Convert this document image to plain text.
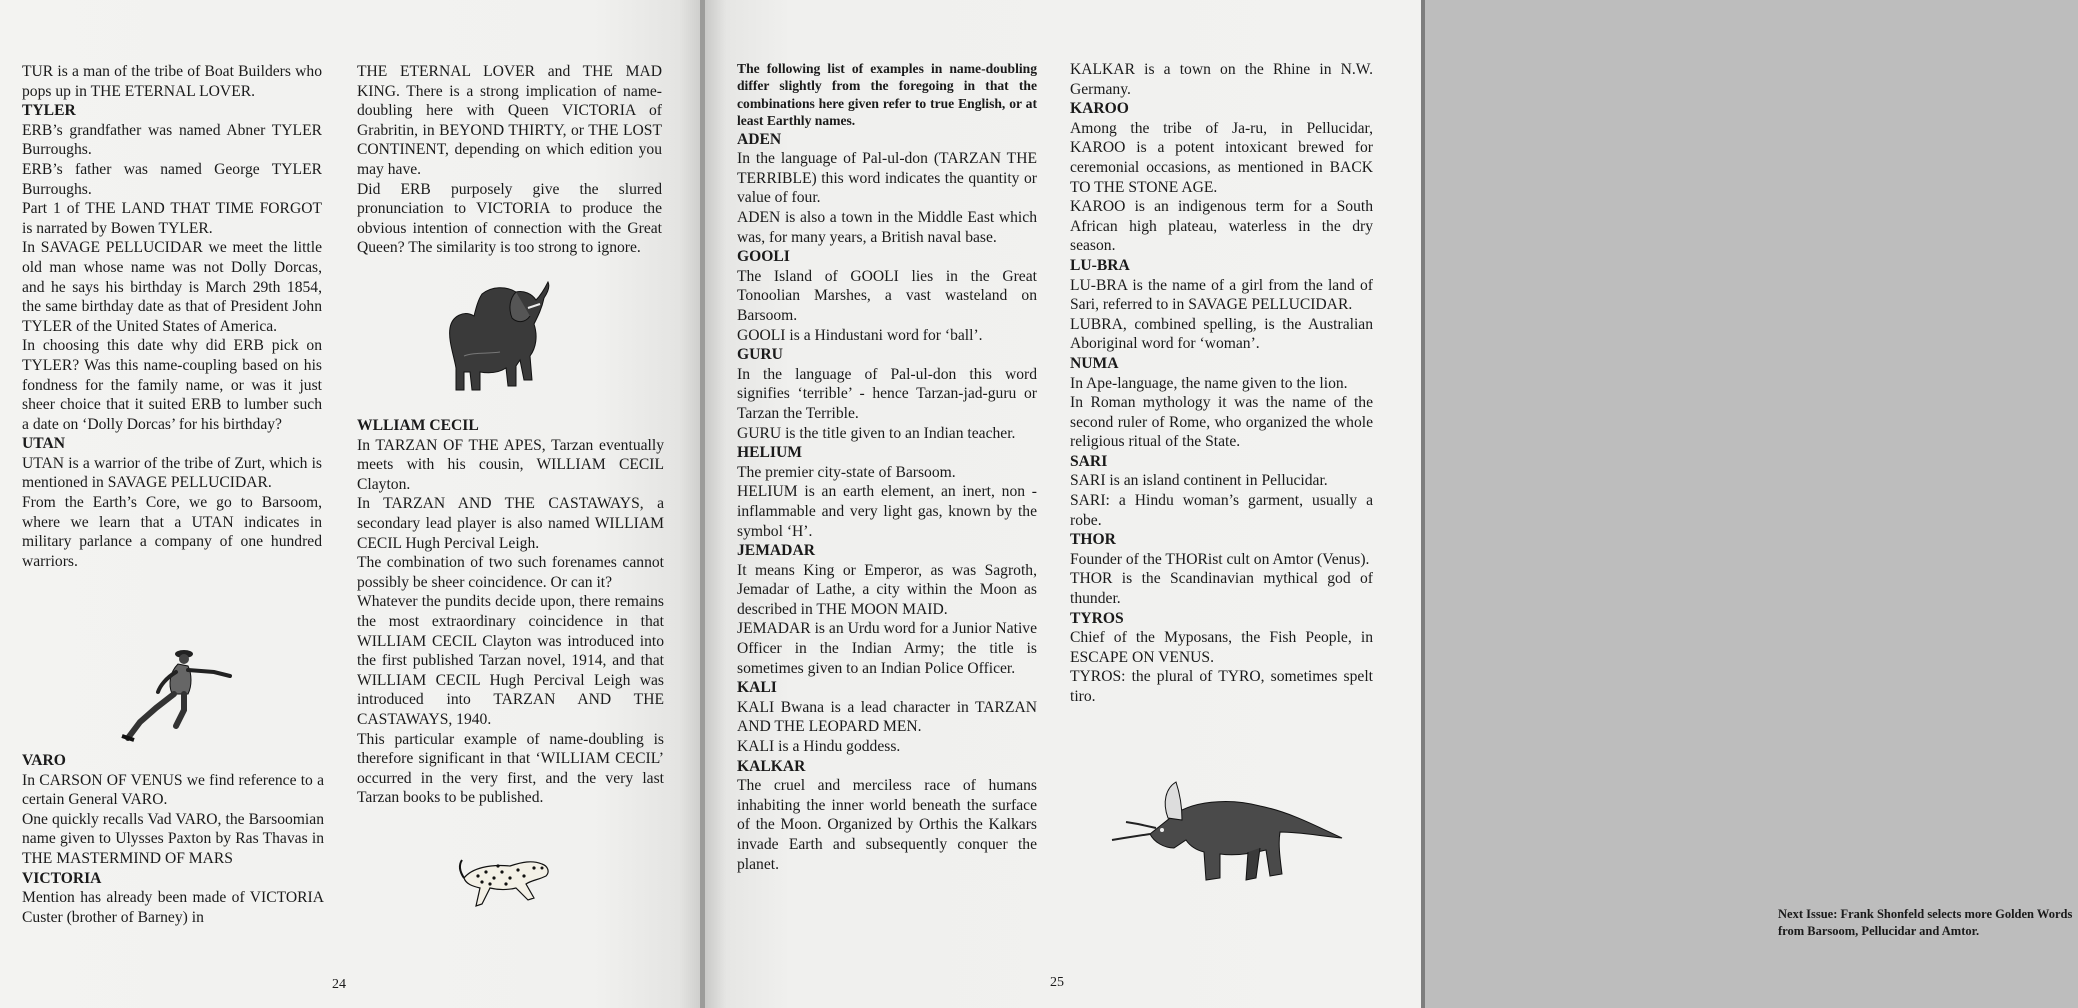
TUR is a man of the tribe of Boat Builders who pops up in THE ETERNAL LOVER.

TYLER

ERB’s grandfather was named Abner TYLER Burroughs.

ERB’s father was named George TYLER Burroughs.

Part 1 of THE LAND THAT TIME FORGOT is narrated by Bowen TYLER.

In SAVAGE PELLUCIDAR we meet the little old man whose name was not Dolly Dorcas, and he says his birthday is March 29th 1854, the same birthday date as that of President John TYLER of the United States of America.

In choosing this date why did ERB pick on TYLER? Was this name-coupling based on his fondness for the family name, or was it just sheer choice that it suited ERB to lumber such a date on ‘Dolly Dorcas’ for his birthday?

UTAN

UTAN is a warrior of the tribe of Zurt, which is mentioned in SAVAGE PELLUCIDAR.

From the Earth’s Core, we go to Barsoom, where we learn that a UTAN indicates in military parlance a company of one hundred warriors.

VARO

In CARSON OF VENUS we find reference to a certain General VARO.

One quickly recalls Vad VARO, the Barsoomian name given to Ulysses Paxton by Ras Thavas in THE MASTERMIND OF MARS

VICTORIA

Mention has already been made of VICTORIA Custer (brother of Barney) in

THE ETERNAL LOVER and THE MAD KING. There is a strong implication of name-doubling here with Queen VICTORIA of Grabritin, in BEYOND THIRTY, or THE LOST CONTINENT, depending on which edition you may have.

Did ERB purposely give the slurred pronunciation to VICTORIA to produce the obvious intention of connection with the Great Queen? The similarity is too strong to ignore.

WLLIAM CECIL

In TARZAN OF THE APES, Tarzan eventually meets with his cousin, WILLIAM CECIL Clayton.

In TARZAN AND THE CASTAWAYS, a secondary lead player is also named WILLIAM CECIL Hugh Percival Leigh.

The combination of two such forenames cannot possibly be sheer coincidence. Or can it?

Whatever the pundits decide upon, there remains the most extraordinary coincidence in that WILLIAM CECIL Clayton was introduced into the first published Tarzan novel, 1914, and that WILLIAM CECIL Hugh Percival Leigh was introduced into TARZAN AND THE CASTAWAYS, 1940.

This particular example of name-doubling is therefore significant in that ‘WILLIAM CECIL’ occurred in the very first, and the very last Tarzan books to be published.

24

The following list of examples in name-doubling differ slightly from the foregoing in that the combinations here given refer to true English, or at least Earthly names.

ADEN

In the language of Pal-ul-don (TARZAN THE TERRIBLE) this word indicates the quantity or value of four.

ADEN is also a town in the Middle East which was, for many years, a British naval base.

GOOLI

The Island of GOOLI lies in the Great Tonoolian Marshes, a vast wasteland on Barsoom.

GOOLI is a Hindustani word for ‘ball’.

GURU

In the language of Pal-ul-don this word signifies ‘terrible’ - hence Tarzan-jad-guru or Tarzan the Terrible.

GURU is the title given to an Indian teacher.

HELIUM

The premier city-state of Barsoom.

HELIUM is an earth element, an inert, non -inflammable and very light gas, known by the symbol ‘H’.

JEMADAR

It means King or Emperor, as was Sagroth, Jemadar of Lathe, a city within the Moon as described in THE MOON MAID.

JEMADAR is an Urdu word for a Junior Native Officer in the Indian Army; the title is sometimes given to an Indian Police Officer.

KALI

KALI Bwana is a lead character in TARZAN AND THE LEOPARD MEN.

KALI is a Hindu goddess.

KALKAR

The cruel and merciless race of humans inhabiting the inner world beneath the surface of the Moon. Organized by Orthis the Kalkars invade Earth and subsequently conquer the planet.

KALKAR is a town on the Rhine in N.W. Germany.

KAROO

Among the tribe of Ja-ru, in Pellucidar, KAROO is a potent intoxicant brewed for ceremonial occasions, as mentioned in BACK TO THE STONE AGE.

KAROO is an indigenous term for a South African high plateau, waterless in the dry season.

LU-BRA

LU-BRA is the name of a girl from the land of Sari, referred to in SAVAGE PELLUCIDAR.

LUBRA, combined spelling, is the Australian Aboriginal word for ‘woman’.

NUMA

In Ape-language, the name given to the lion.

In Roman mythology it was the name of the second ruler of Rome, who organized the whole religious ritual of the State.

SARI

SARI is an island continent in Pellucidar.

SARI: a Hindu woman’s garment, usually a robe.

THOR

Founder of the THORist cult on Amtor (Venus).

THOR is the Scandinavian mythical god of thunder.

TYROS

Chief of the Myposans, the Fish People, in ESCAPE ON VENUS.

TYROS: the plural of TYRO, sometimes spelt tiro.

Next Issue: Frank Shonfeld selects more Golden Words from Barsoom, Pellucidar and Amtor.
25
